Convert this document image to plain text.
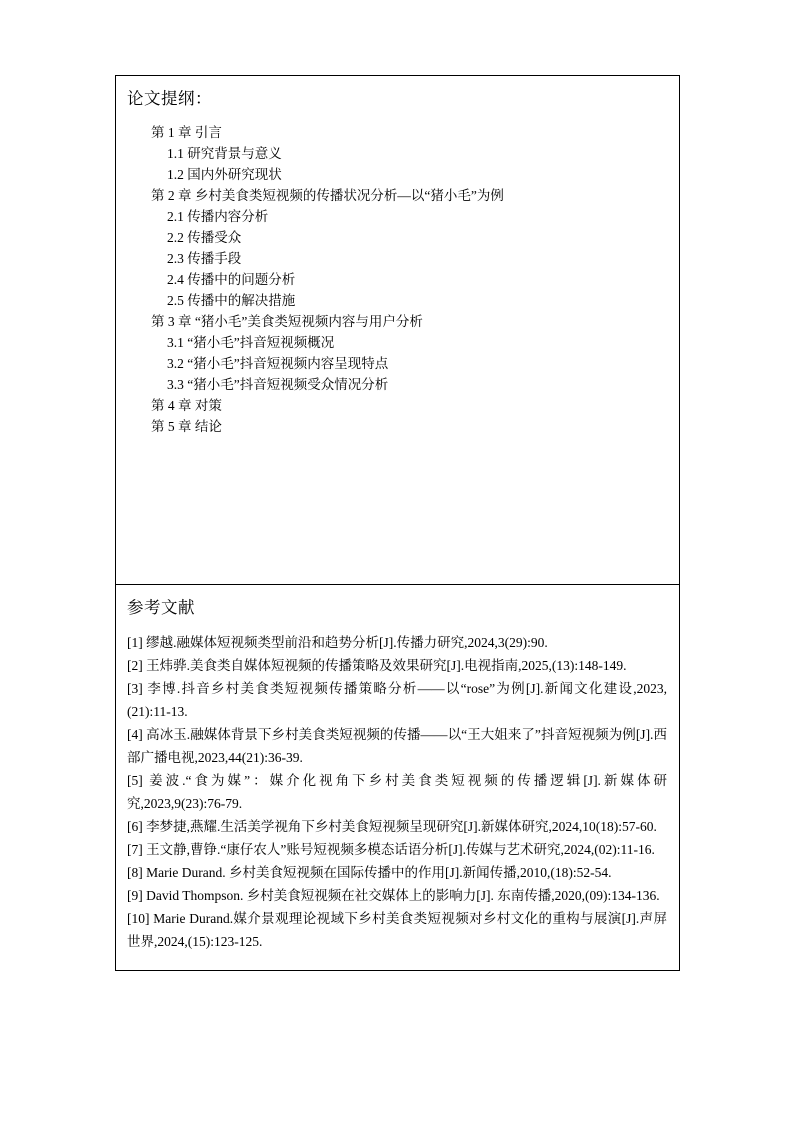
论文提纲：
第 1 章 引言
1.1 研究背景与意义
1.2 国内外研究现状
第 2 章 乡村美食类短视频的传播状况分析—以“猪小毛”为例
2.1 传播内容分析
2.2 传播受众
2.3 传播手段
2.4 传播中的问题分析
2.5 传播中的解决措施
第 3 章 “猪小毛”美食类短视频内容与用户分析
3.1 “猪小毛”抖音短视频概况
3.2 “猪小毛”抖音短视频内容呈现特点
3.3 “猪小毛”抖音短视频受众情况分析
第 4 章 对策
第 5 章 结论
参考文献

[1] 缪越.融媒体短视频类型前沿和趋势分析[J].传播力研究,2024,3(29):90.

[2] 王炜骅.美食类自媒体短视频的传播策略及效果研究[J].电视指南,2025,(13):148-149.

[3] 李博.抖音乡村美食类短视频传播策略分析——以“rose”为例[J].新闻文化建设,2023,(21):11-13.

[4] 高冰玉.融媒体背景下乡村美食类短视频的传播——以“王大姐来了”抖音短视频为例[J].西部广播电视,2023,44(21):36-39.

[5] 姜波.“食为媒”：媒介化视角下乡村美食类短视频的传播逻辑[J].新媒体研究,2023,9(23):76-79.

[6] 李梦捷,燕耀.生活美学视角下乡村美食短视频呈现研究[J].新媒体研究,2024,10(18):57-60.

[7] 王文静,曹铮.“康仔农人”账号短视频多模态话语分析[J].传媒与艺术研究,2024,(02):11-16.

[8] Marie Durand. 乡村美食短视频在国际传播中的作用[J].新闻传播,2010,(18):52-54.

[9] David Thompson. 乡村美食短视频在社交媒体上的影响力[J]. 东南传播,2020,(09):134-136.

[10] Marie Durand.媒介景观理论视域下乡村美食类短视频对乡村文化的重构与展演[J].声屏世界,2024,(15):123-125.
